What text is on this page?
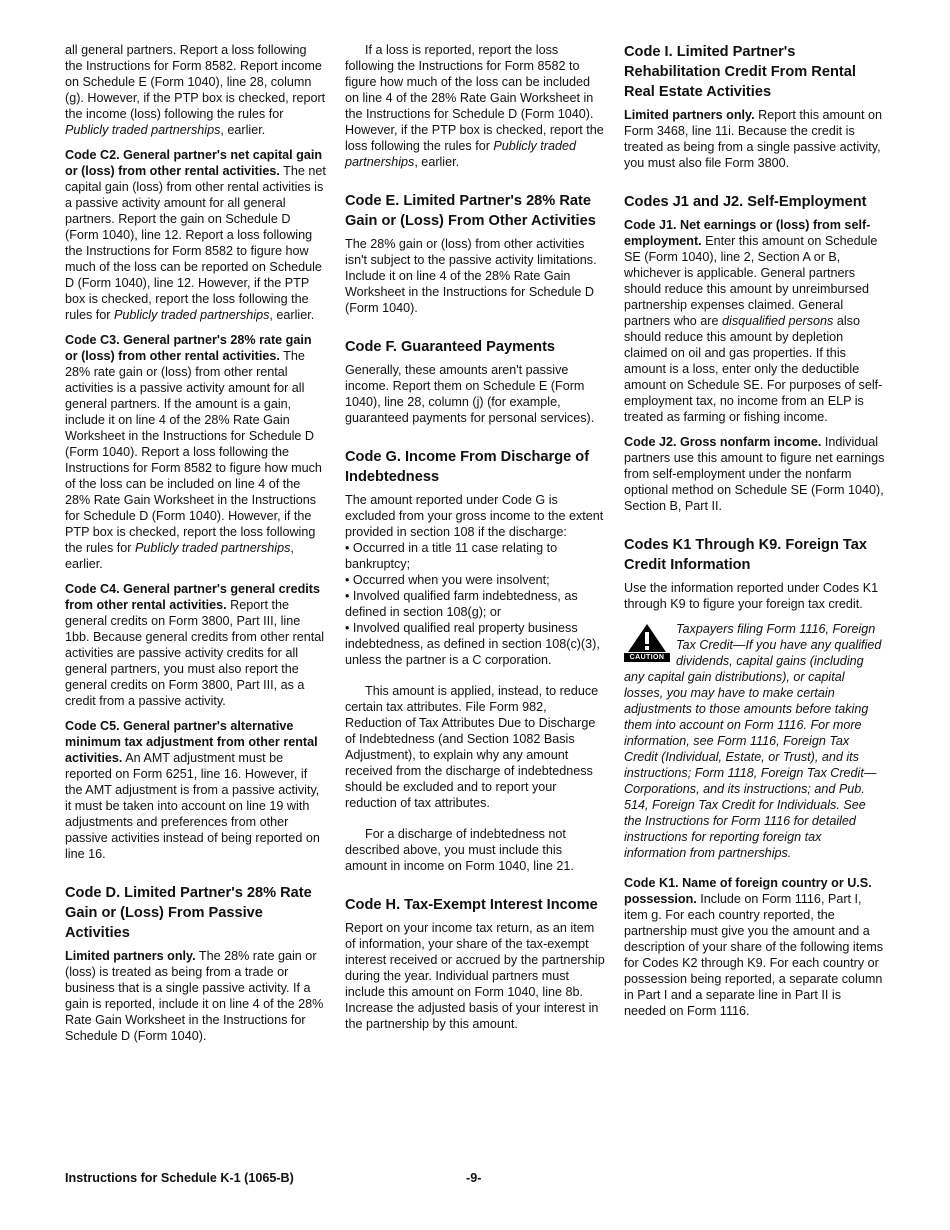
all general partners. Report a loss following the Instructions for Form 8582. Report income on Schedule E (Form 1040), line 28, column (g). However, if the PTP box is checked, report the income (loss) following the rules for Publicly traded partnerships, earlier.

Code C2. General partner's net capital gain or (loss) from other rental activities. The net capital gain (loss) from other rental activities is a passive activity amount for all general partners. Report the gain on Schedule D (Form 1040), line 12. Report a loss following the Instructions for Form 8582 to figure how much of the loss can be reported on Schedule D (Form 1040), line 12. However, if the PTP box is checked, report the loss following the rules for Publicly traded partnerships, earlier.

Code C3. General partner's 28% rate gain or (loss) from other rental activities. The 28% rate gain or (loss) from other rental activities is a passive activity amount for all general partners. If the amount is a gain, include it on line 4 of the 28% Rate Gain Worksheet in the Instructions for Schedule D (Form 1040). Report a loss following the Instructions for Form 8582 to figure how much of the loss can be included on line 4 of the 28% Rate Gain Worksheet in the Instructions for Schedule D (Form 1040). However, if the PTP box is checked, report the loss following the rules for Publicly traded partnerships, earlier.

Code C4. General partner's general credits from other rental activities. Report the general credits on Form 3800, Part III, line 1bb. Because general credits from other rental activities are passive activity credits for all general partners, you must also report the general credits on Form 3800, Part III, as a credit from a passive activity.

Code C5. General partner's alternative minimum tax adjustment from other rental activities. An AMT adjustment must be reported on Form 6251, line 16. However, if the AMT adjustment is from a passive activity, it must be taken into account on line 19 with adjustments and preferences from other passive activities instead of being reported on line 16.

Code D. Limited Partner's 28% Rate Gain or (Loss) From Passive Activities

Limited partners only. The 28% rate gain or (loss) is treated as being from a trade or business that is a single passive activity. If a gain is reported, include it on line 4 of the 28% Rate Gain Worksheet in the Instructions for Schedule D (Form 1040).

If a loss is reported, report the loss following the Instructions for Form 8582 to figure how much of the loss can be included on line 4 of the 28% Rate Gain Worksheet in the Instructions for Schedule D (Form 1040). However, if the PTP box is checked, report the loss following the rules for Publicly traded partnerships, earlier.

Code E. Limited Partner's 28% Rate Gain or (Loss) From Other Activities

The 28% gain or (loss) from other activities isn't subject to the passive activity limitations. Include it on line 4 of the 28% Rate Gain Worksheet in the Instructions for Schedule D (Form 1040).

Code F. Guaranteed Payments

Generally, these amounts aren't passive income. Report them on Schedule E (Form 1040), line 28, column (j) (for example, guaranteed payments for personal services).

Code G. Income From Discharge of Indebtedness

The amount reported under Code G is excluded from your gross income to the extent provided in section 108 if the discharge:

• Occurred in a title 11 case relating to bankruptcy;

• Occurred when you were insolvent;

• Involved qualified farm indebtedness, as defined in section 108(g); or

• Involved qualified real property business indebtedness, as defined in section 108(c)(3), unless the partner is a C corporation.

This amount is applied, instead, to reduce certain tax attributes. File Form 982, Reduction of Tax Attributes Due to Discharge of Indebtedness (and Section 1082 Basis Adjustment), to explain why any amount received from the discharge of indebtedness should be excluded and to report your reduction of tax attributes.

For a discharge of indebtedness not described above, you must include this amount in income on Form 1040, line 21.

Code H. Tax-Exempt Interest Income

Report on your income tax return, as an item of information, your share of the tax-exempt interest received or accrued by the partnership during the year. Individual partners must include this amount on Form 1040, line 8b. Increase the adjusted basis of your interest in the partnership by this amount.

Code I. Limited Partner's Rehabilitation Credit From Rental Real Estate Activities

Limited partners only. Report this amount on Form 3468, line 11i. Because the credit is treated as being from a single passive activity, you must also file Form 3800.

Codes J1 and J2. Self-Employment

Code J1. Net earnings or (loss) from self-employment. Enter this amount on Schedule SE (Form 1040), line 2, Section A or B, whichever is applicable. General partners should reduce this amount by unreimbursed partnership expenses claimed. General partners who are disqualified persons also should reduce this amount by depletion claimed on oil and gas properties. If this amount is a loss, enter only the deductible amount on Schedule SE. For purposes of self-employment tax, no income from an ELP is treated as farming or fishing income.

Code J2. Gross nonfarm income. Individual partners use this amount to figure net earnings from self-employment under the nonfarm optional method on Schedule SE (Form 1040), Section B, Part II.

Codes K1 Through K9. Foreign Tax Credit Information

Use the information reported under Codes K1 through K9 to figure your foreign tax credit.

CAUTION

Taxpayers filing Form 1116, Foreign Tax Credit—If you have any qualified dividends, capital gains (including any capital gain distributions), or capital losses, you may have to make certain adjustments to those amounts before taking them into account on Form 1116. For more information, see Form 1116, Foreign Tax Credit (Individual, Estate, or Trust), and its instructions; Form 1118, Foreign Tax Credit—Corporations, and its instructions; and Pub. 514, Foreign Tax Credit for Individuals. See the Instructions for Form 1116 for detailed instructions for reporting foreign tax information from partnerships.

Code K1. Name of foreign country or U.S. possession. Include on Form 1116, Part I, item g. For each country reported, the partnership must give you the amount and a description of your share of the following items for Codes K2 through K9. For each country or possession being reported, a separate column in Part I and a separate line in Part II is needed on Form 1116.

Instructions for Schedule K-1 (1065-B)	-9-
